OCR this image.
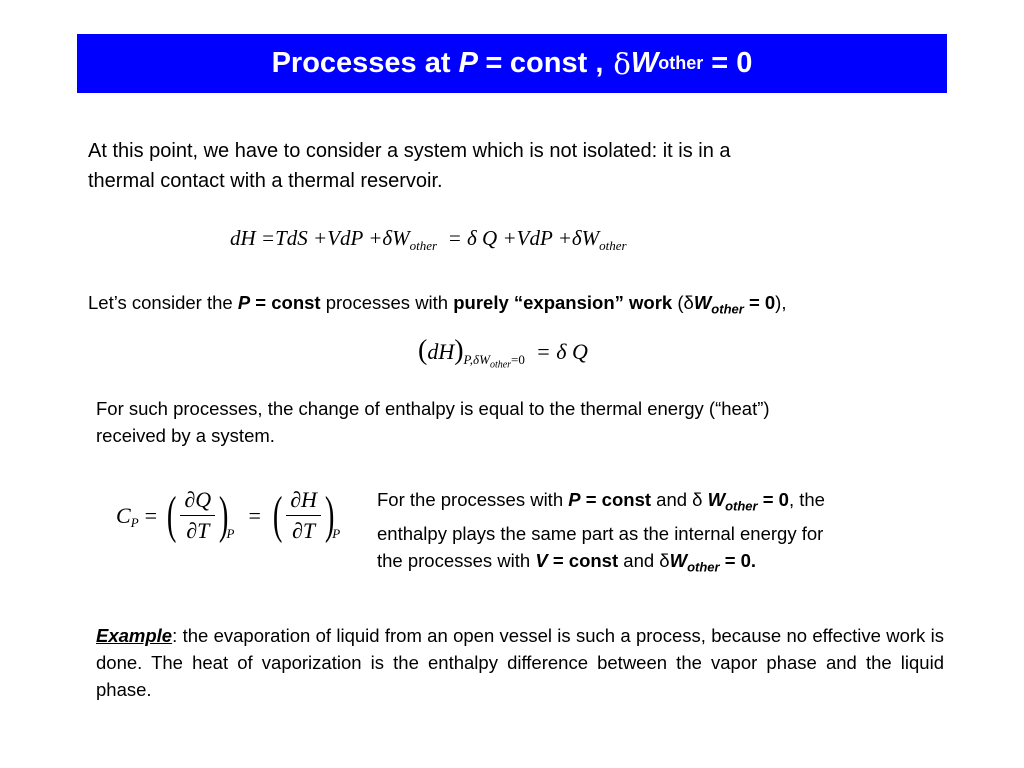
Processes at
P =
const , δ W other
= 0
At this point, we have to consider a system which is not isolated: it is in a
thermal contact with a thermal reservoir.
dH $=TdS +VdP +\delta W_{other} = \delta$ $Q +VdP +\delta W_{other}$
Let’s consider the P = const processes with purely “expansion” work $(\delta W_{other} = 0)$,
$(dH)_{P,\delta W_{other}=0} = \delta$ Q
For such processes, the change of enthalpy is equal to the thermal energy (“heat”)
received by a system.
$C_P$ = ( $\frac{\partial Q}{\partial T}$ )
P
= ( $\frac{\partial H}{\partial T}$ )
P
For the processes with P = const and δ $W_{other} = 0$, the
enthalpy plays the same part as the internal energy for
the processes with V = const and $\delta W_{other} = 0$.
Example: the evaporation of liquid from an open vessel is such a process, because no effective work is done. The heat of vaporization is the enthalpy difference between the vapor phase and the liquid phase.
